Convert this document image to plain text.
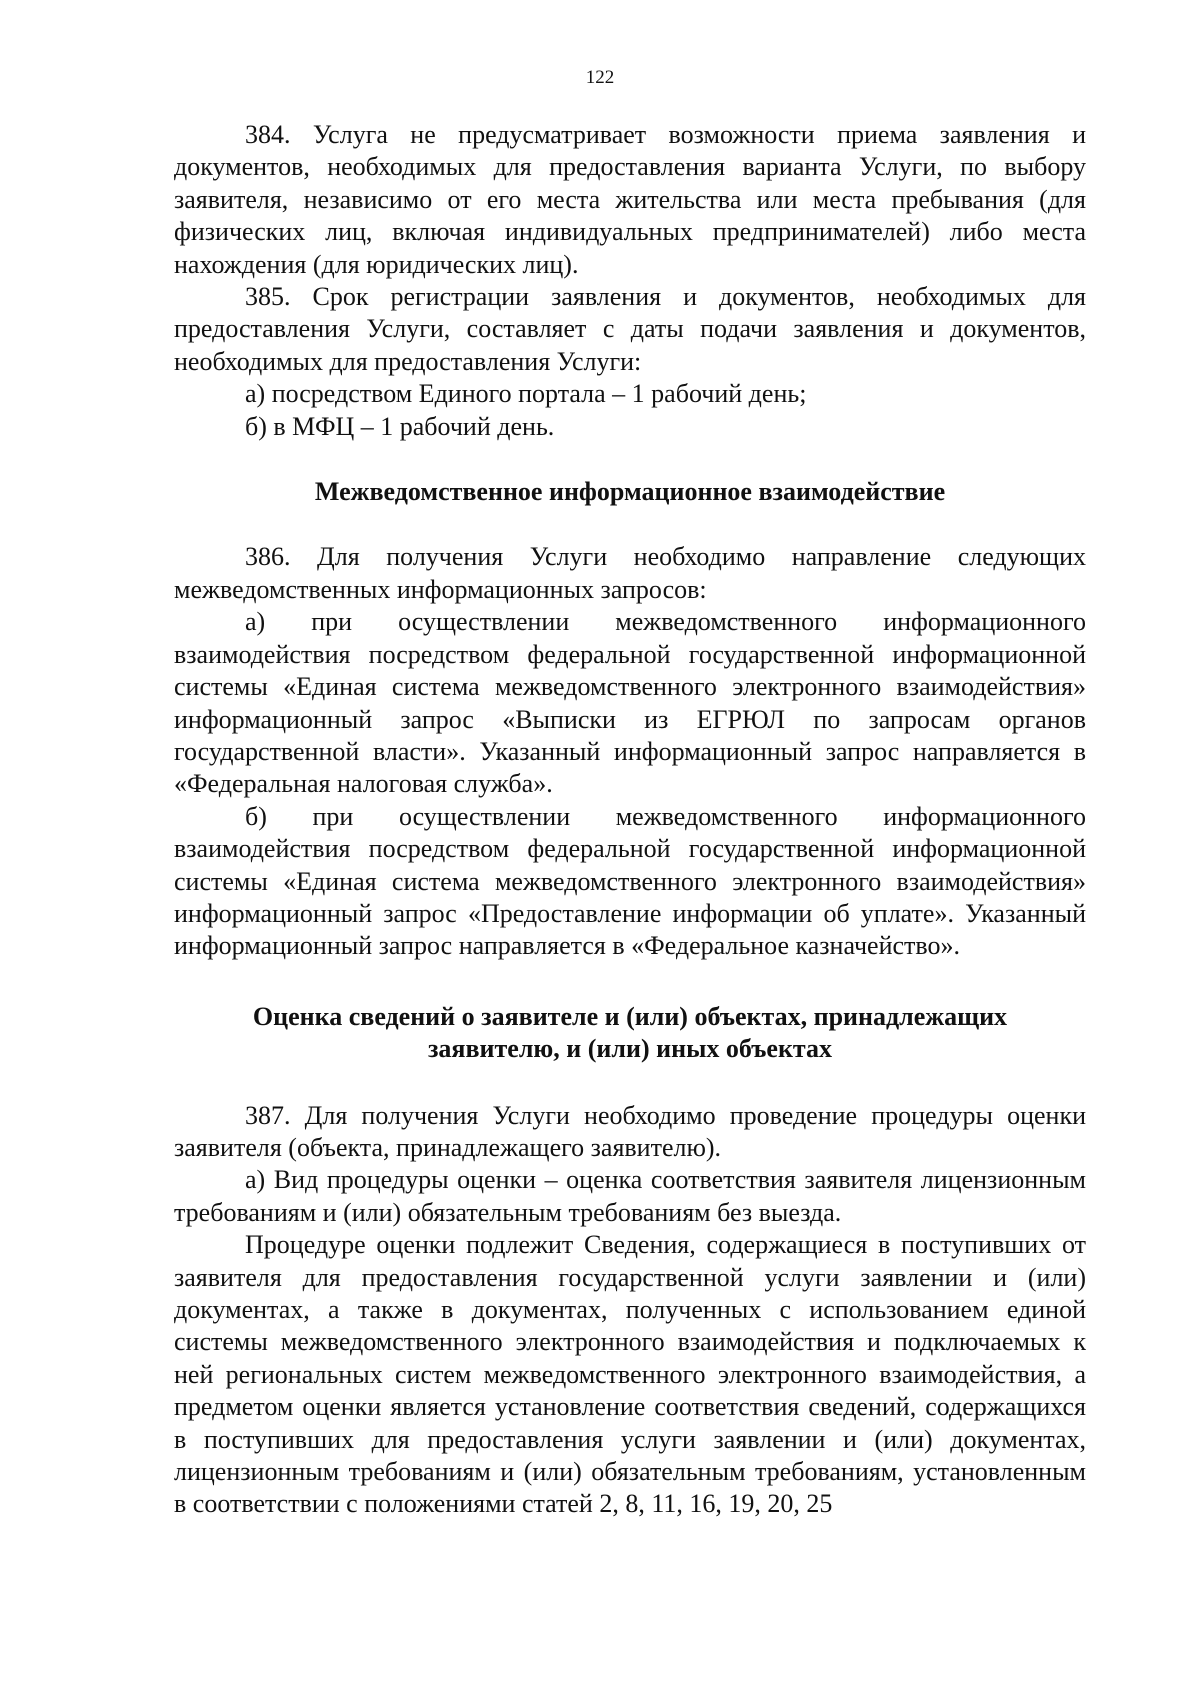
122

384. Услуга не предусматривает возможности приема заявления и документов, необходимых для предоставления варианта Услуги, по выбору заявителя, независимо от его места жительства или места пребывания (для физических лиц, включая индивидуальных предпринимателей) либо места нахождения (для юридических лиц).

385. Срок регистрации заявления и документов, необходимых для предоставления Услуги, составляет с даты подачи заявления и документов, необходимых для предоставления Услуги:

а) посредством Единого портала – 1 рабочий день;

б) в МФЦ – 1 рабочий день.

Межведомственное информационное взаимодействие

386. Для получения Услуги необходимо направление следующих межведомственных информационных запросов:

а) при осуществлении межведомственного информационного взаимодействия посредством федеральной государственной информационной системы «Единая система межведомственного электронного взаимодействия» информационный запрос «Выписки из ЕГРЮЛ по запросам органов государственной власти». Указанный информационный запрос направляется в «Федеральная налоговая служба».

б) при осуществлении межведомственного информационного взаимодействия посредством федеральной государственной информационной системы «Единая система межведомственного электронного взаимодействия» информационный запрос «Предоставление информации об уплате». Указанный информационный запрос направляется в «Федеральное казначейство».

Оценка сведений о заявителе и (или) объектах, принадлежащих

заявителю, и (или) иных объектах

387. Для получения Услуги необходимо проведение процедуры оценки заявителя (объекта, принадлежащего заявителю).

а) Вид процедуры оценки – оценка соответствия заявителя лицензионным требованиям и (или) обязательным требованиям без выезда.

Процедуре оценки подлежит Сведения, содержащиеся в поступивших от заявителя для предоставления государственной услуги заявлении и (или) документах, а также в документах, полученных с использованием единой системы межведомственного электронного взаимодействия и подключаемых к ней региональных систем межведомственного электронного взаимодействия, а предметом оценки является установление соответствия сведений, содержащихся в поступивших для предоставления услуги заявлении и (или) документах, лицензионным требованиям и (или) обязательным требованиям, установленным в соответствии с положениями статей 2, 8, 11, 16, 19, 20, 25
